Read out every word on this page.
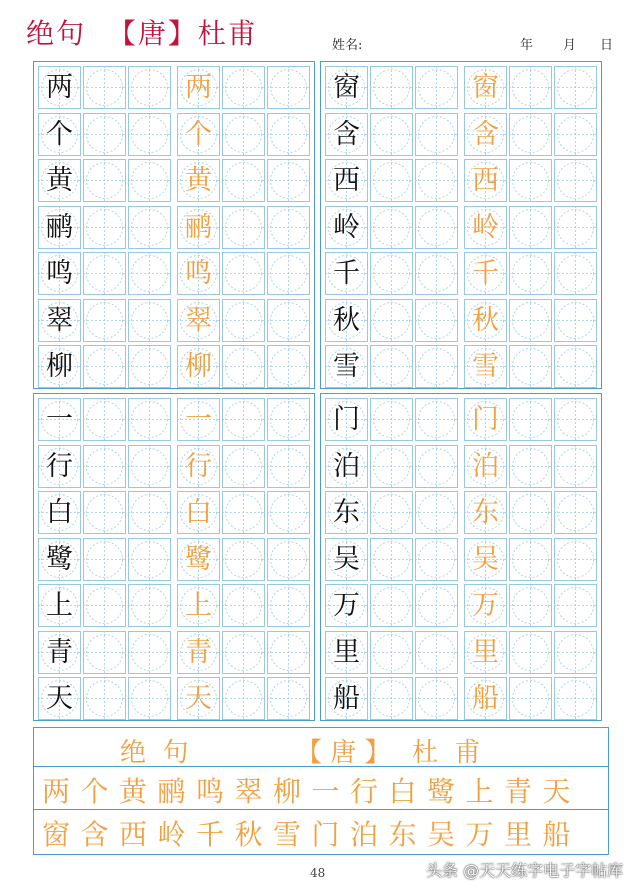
绝句  【唐】杜甫	姓名:	年 月 日
两	两
个	个
黄	黄
鹂	鹂
鸣	鸣
翠	翠
柳	柳
窗	窗
含	含
西	西
岭	岭
千	千
秋	秋
雪	雪
一	一
行	行
白	白
鹭	鹭
上	上
青	青
天	天
门	门
泊	泊
东	东
吴	吴
万	万
里	里
船	船
绝  句	【 唐 】 杜  甫
两个黄鹂鸣翠柳一行白鹭上青天
窗含西岭千秋雪门泊东吴万里船
48	头条 @天天练字电子字帖库
